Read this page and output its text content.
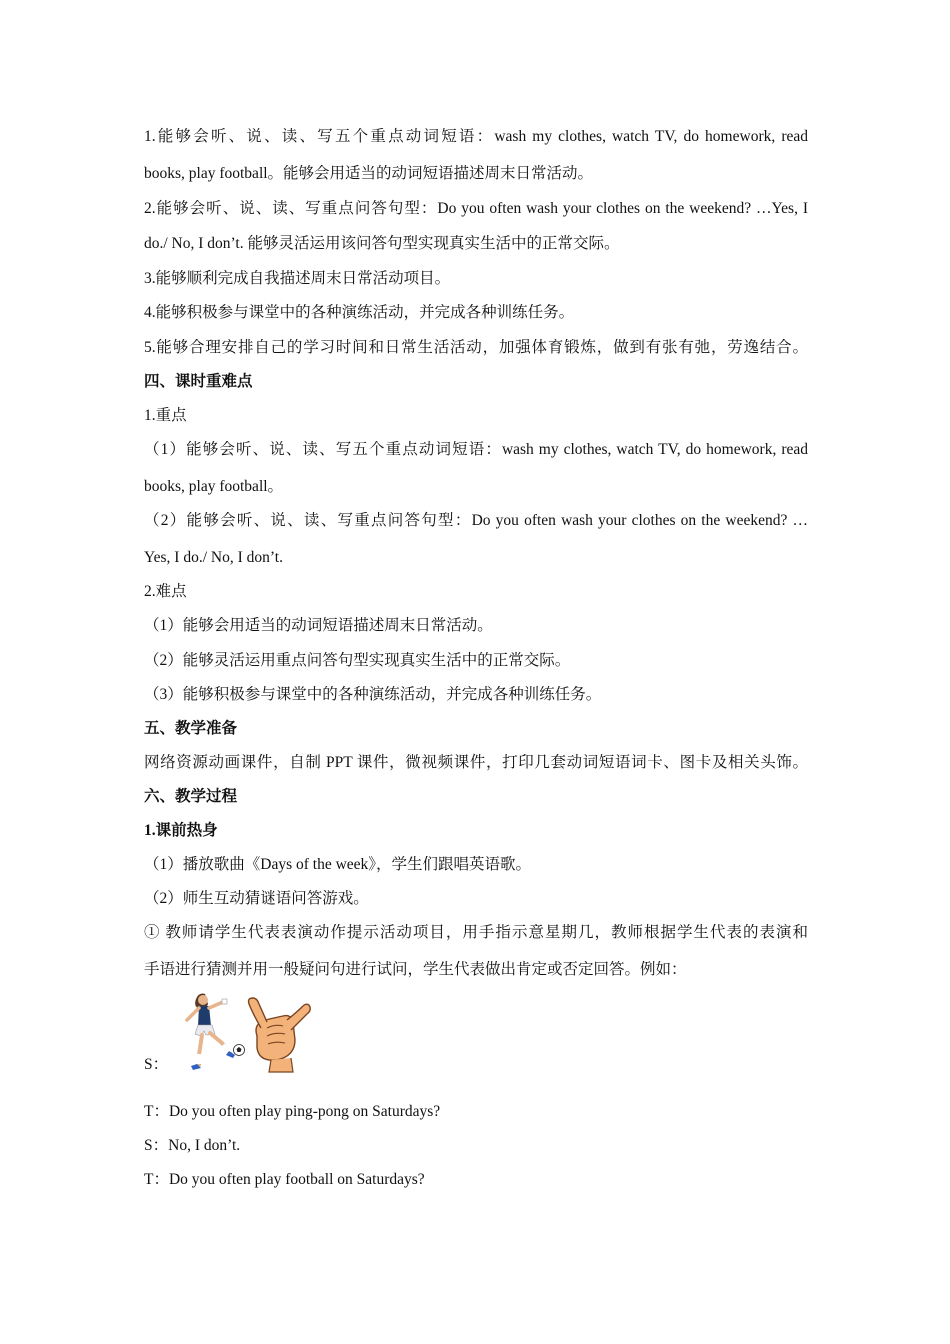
1.能够会听、说、读、写五个重点动词短语：wash my clothes, watch TV, do homework, read
books, play football。能够会用适当的动词短语描述周末日常活动。
2.能够会听、说、读、写重点问答句型：Do you often wash your clothes on the weekend? …Yes, I
do./ No, I don’t. 能够灵活运用该问答句型实现真实生活中的正常交际。
3.能够顺利完成自我描述周末日常活动项目。
4.能够积极参与课堂中的各种演练活动，并完成各种训练任务。
5.能够合理安排自己的学习时间和日常生活活动，加强体育锻炼，做到有张有弛，劳逸结合。
四、课时重难点
1.重点
（1）能够会听、说、读、写五个重点动词短语：wash my clothes, watch TV, do homework, read
books, play football。
（2）能够会听、说、读、写重点问答句型：Do you often wash your clothes on the weekend? …
Yes, I do./ No, I don’t.
2.难点
（1）能够会用适当的动词短语描述周末日常活动。
（2）能够灵活运用重点问答句型实现真实生活中的正常交际。
（3）能够积极参与课堂中的各种演练活动，并完成各种训练任务。
五、教学准备
网络资源动画课件，自制 PPT 课件，微视频课件，打印几套动词短语词卡、图卡及相关头饰。
六、教学过程
1.课前热身
（1）播放歌曲《Days of the week》，学生们跟唱英语歌。
（2）师生互动猜谜语问答游戏。
① 教师请学生代表表演动作提示活动项目，用手指示意星期几，教师根据学生代表的表演和
手语进行猜测并用一般疑问句进行试问，学生代表做出肯定或否定回答。例如：
S：
T：Do you often play ping-pong on Saturdays?
S：No, I don’t.
T：Do you often play football on Saturdays?
